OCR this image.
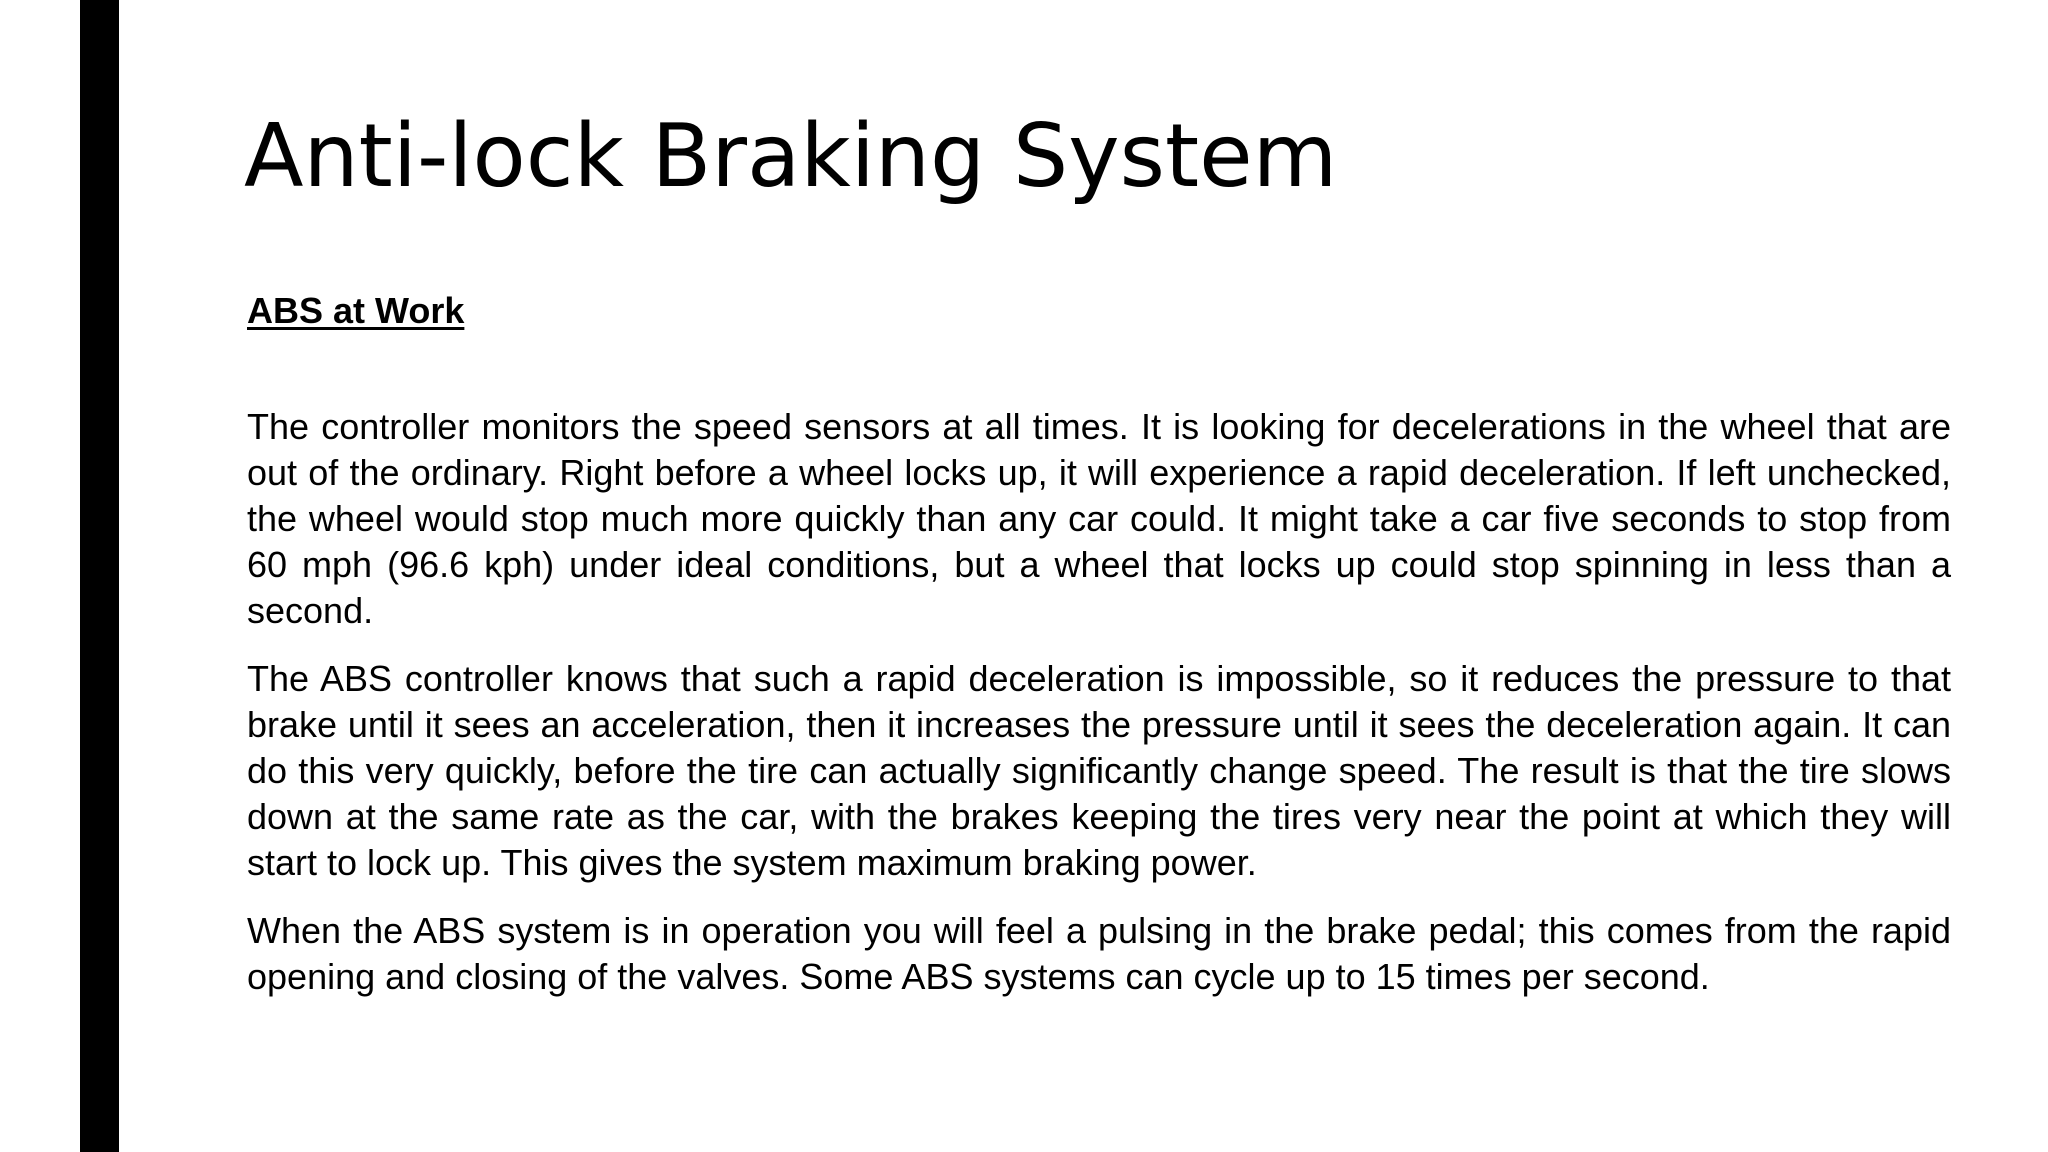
Anti-lock Braking System

ABS at Work

The controller monitors the speed sensors at all times. It is looking for decelerations in the wheel that are out of the ordinary. Right before a wheel locks up, it will experience a rapid deceleration. If left unchecked, the wheel would stop much more quickly than any car could. It might take a car five seconds to stop from 60 mph (96.6 kph) under ideal conditions, but a wheel that locks up could stop spinning in less than a second.

The ABS controller knows that such a rapid deceleration is impossible, so it reduces the pressure to that brake until it sees an acceleration, then it increases the pressure until it sees the deceleration again. It can do this very quickly, before the tire can actually significantly change speed. The result is that the tire slows down at the same rate as the car, with the brakes keeping the tires very near the point at which they will start to lock up. This gives the system maximum braking power.

When the ABS system is in operation you will feel a pulsing in the brake pedal; this comes from the rapid opening and closing of the valves. Some ABS systems can cycle up to 15 times per second.
